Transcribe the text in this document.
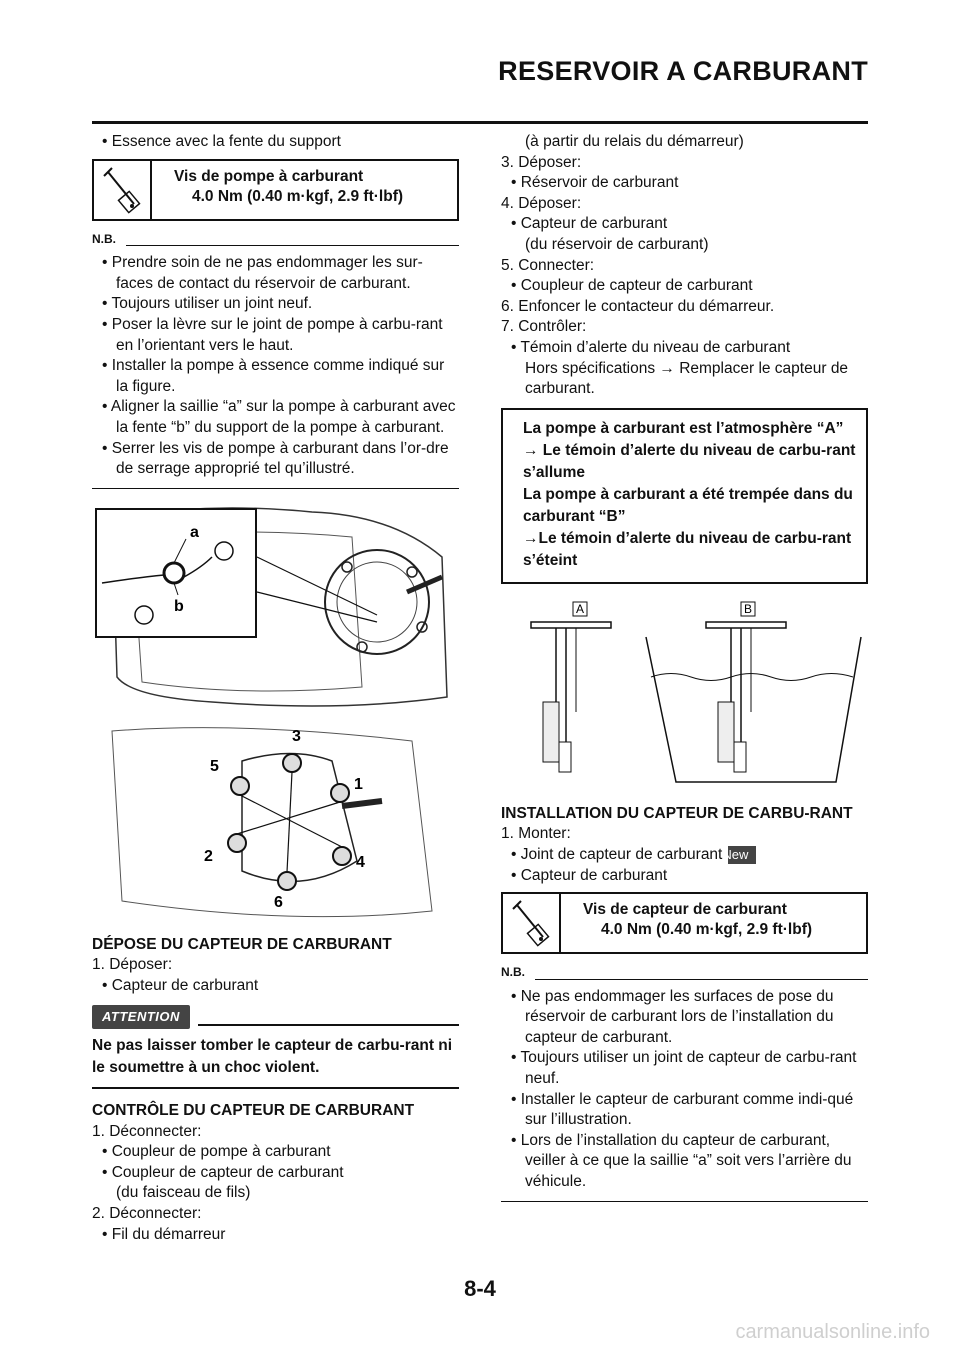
RESERVOIR A CARBURANT
• Essence avec la fente du support
Vis de pompe à carburant
4.0 Nm (0.40 m·kgf, 2.9 ft·lbf)
N.B.
• Prendre soin de ne pas endommager les sur-faces de contact du réservoir de carburant.
• Toujours utiliser un joint neuf.
• Poser la lèvre sur le joint de pompe à carbu-rant en l’orientant vers le haut.
• Installer la pompe à essence comme indiqué sur la figure.
• Aligner la saillie “a” sur la pompe à carburant avec la fente “b” du support de la pompe à carburant.
• Serrer les vis de pompe à carburant dans l’or-dre de serrage approprié tel qu’illustré.
a
b
1
2
3
4
5
6
DÉPOSE DU CAPTEUR DE CARBURANT
1. Déposer:
• Capteur de carburant
ATTENTION
Ne pas laisser tomber le capteur de carbu-rant ni le soumettre à un choc violent.
CONTRÔLE DU CAPTEUR DE CARBURANT
1. Déconnecter:
• Coupleur de pompe à carburant
• Coupleur de capteur de carburant
(du faisceau de fils)
2. Déconnecter:
• Fil du démarreur
(à partir du relais du démarreur)
3. Déposer:
• Réservoir de carburant
4. Déposer:
• Capteur de carburant
(du réservoir de carburant)
5. Connecter:
• Coupleur de capteur de carburant
6. Enfoncer le contacteur du démarreur.
7. Contrôler:
• Témoin d’alerte du niveau de carburant
Hors spécifications → Remplacer le capteur de carburant.
La pompe à carburant est l’atmosphère “A”
→ Le témoin d’alerte du niveau de carbu-rant s’allume
La pompe à carburant a été trempée dans du carburant “B”
→Le témoin d’alerte du niveau de carbu-rant s’éteint
A	B
INSTALLATION DU CAPTEUR DE CARBU-RANT
1. Monter:
• Joint de capteur de carburantNew
• Capteur de carburant
Vis de capteur de carburant
4.0 Nm (0.40 m·kgf, 2.9 ft·lbf)
N.B.
• Ne pas endommager les surfaces de pose du réservoir de carburant lors de l’installation du capteur de carburant.
• Toujours utiliser un joint de capteur de carbu-rant neuf.
• Installer le capteur de carburant comme indi-qué sur l’illustration.
• Lors de l’installation du capteur de carburant, veiller à ce que la saillie “a” soit vers l’arrière du véhicule.
8-4
carmanualsonline.info
